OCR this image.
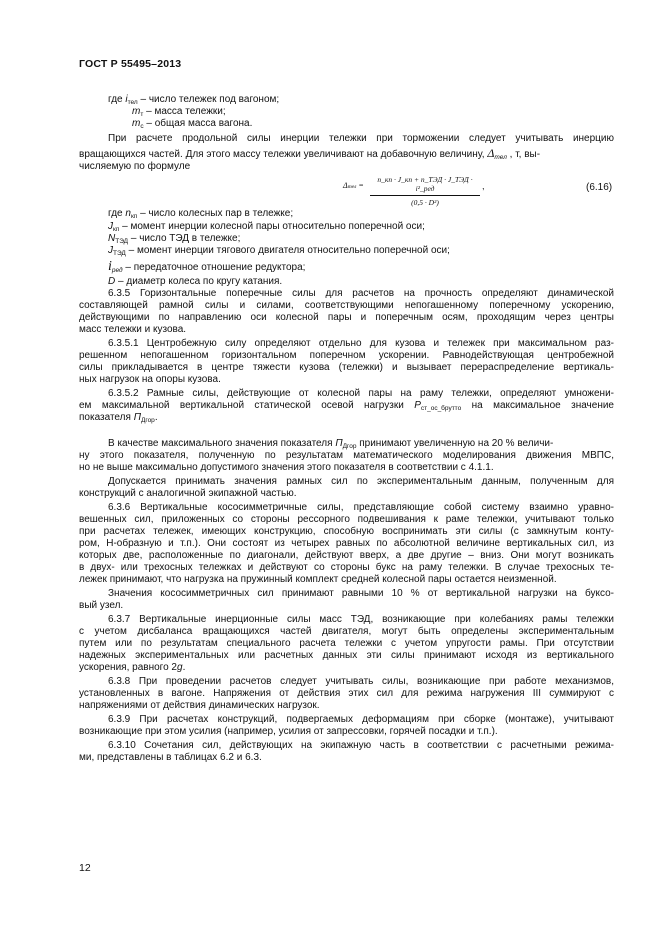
ГОСТ Р 55495–2013
где $i_{тел}$ – число тележек под вагоном;
$m_т$ – масса тележки;
$m_c$ – общая масса вагона.
При расчете продольной силы инерции тележки при торможении следует учитывать инерцию
вращающихся частей. Для этого массу тележки увеличивают на добавочную величину, $\Delta_{тел}$ , т, вы-
числяемую по формуле
Δтел =
n_кп · J_кп + n_ТЭД · J_ТЭД · i²_ред
(0,5 · D²)
,	(6.16)
где $n_{кп}$ – число колесных пар в тележке;
$J_{кп}$ – момент инерции колесной пары относительно поперечной оси;
$N_{ТЭД}$ – число ТЭД в тележке;
$J_{ТЭД}$ – момент инерции тягового двигателя относительно поперечной оси;
$i_{ред}$ – передаточное отношение редуктора;
D – диаметр колеса по кругу катания.
6.3.5 Горизонтальные поперечные силы для расчетов на прочность определяют динамической
составляющей рамной силы и силами, соответствующими непогашенному поперечному ускорению,
действующими по направлению оси колесной пары и поперечным осям, проходящим через центры
масс тележки и кузова.
6.3.5.1 Центробежную силу определяют отдельно для кузова и тележек при максимальном раз-
решенном непогашенном горизонтальном поперечном ускорении. Равнодействующая центробежной
силы прикладывается в центре тяжести кузова (тележки) и вызывает перераспределение вертикаль-
ных нагрузок на опоры кузова.
6.3.5.2 Рамные силы, действующие от колесной пары на раму тележки, определяют умножени-
ем максимальной вертикальной статической осевой нагрузки $P_{ст\_ос\_брутто}$ на максимальное значение
показателя $П_{Дгор}$.
В качестве максимального значения показателя $П_{Дгор}$ принимают увеличенную на 20 % величи-
ну этого показателя, полученную по результатам математического моделирования движения МВПС,
но не выше максимально допустимого значения этого показателя в соответствии с 4.1.1.
Допускается принимать значения рамных сил по экспериментальным данным, полученным для
конструкций с аналогичной экипажной частью.
6.3.6 Вертикальные кососимметричные силы, представляющие собой систему взаимно уравно-
вешенных сил, приложенных со стороны рессорного подвешивания к раме тележки, учитывают только
при расчетах тележек, имеющих конструкцию, способную воспринимать эти силы (с замкнутым конту-
ром, Н-образную и т.п.). Они состоят из четырех равных по абсолютной величине вертикальных сил, из
которых две, расположенные по диагонали, действуют вверх, а две другие – вниз. Они могут возникать
в двух- или трехосных тележках и действуют со стороны букс на раму тележки. В случае трехосных те-
лежек принимают, что нагрузка на пружинный комплект средней колесной пары остается неизменной.
Значения кососимметричных сил принимают равными 10 % от вертикальной нагрузки на буксо-
вый узел.
6.3.7 Вертикальные инерционные силы масс ТЭД, возникающие при колебаниях рамы тележки
с учетом дисбаланса вращающихся частей двигателя, могут быть определены экспериментальным
путем или по результатам специального расчета тележки с учетом упругости рамы. При отсутствии
надежных экспериментальных или расчетных данных эти силы принимают исходя из вертикального
ускорения, равного 2g.
6.3.8 При проведении расчетов следует учитывать силы, возникающие при работе механизмов,
установленных в вагоне. Напряжения от действия этих сил для режима нагружения III суммируют с
напряжениями от действия динамических нагрузок.
6.3.9 При расчетах конструкций, подвергаемых деформациям при сборке (монтаже), учитывают
возникающие при этом усилия (например, усилия от запрессовки, горячей посадки и т.п.).
6.3.10 Сочетания сил, действующих на экипажную часть в соответствии с расчетными режима-
ми, представлены в таблицах 6.2 и 6.3.
12
